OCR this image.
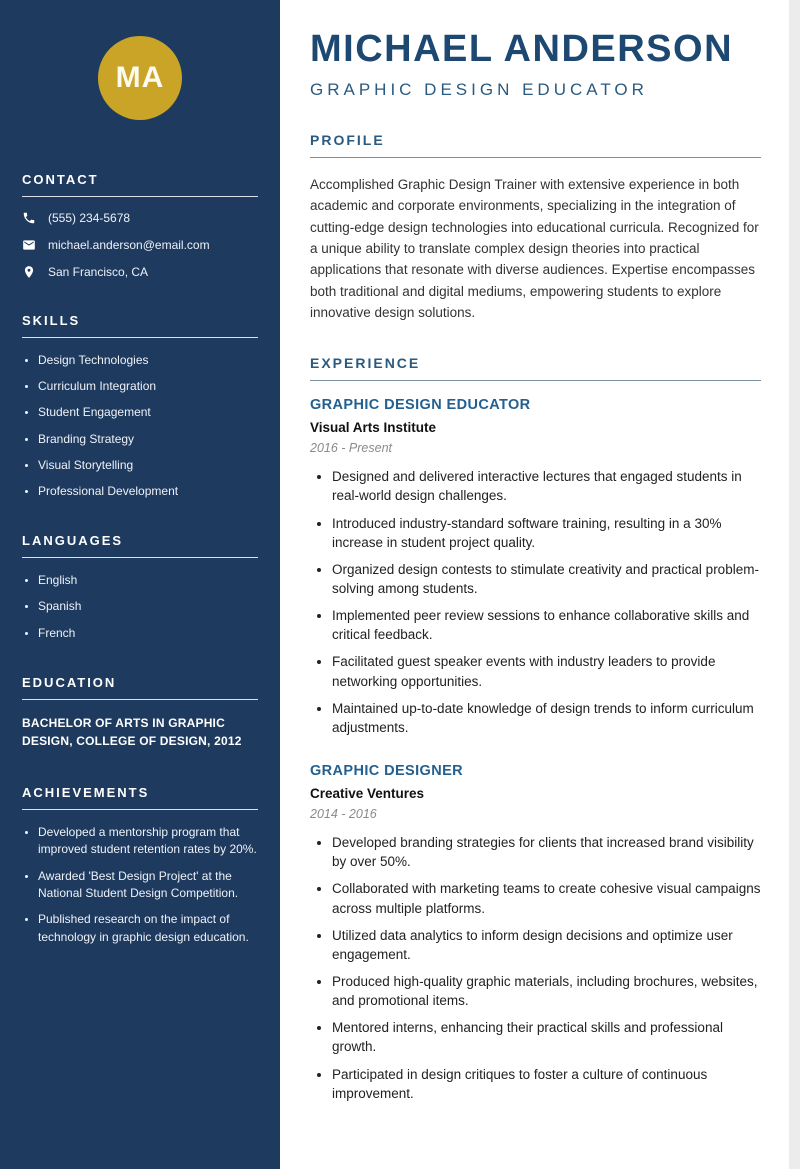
MA
CONTACT
(555) 234-5678
michael.anderson@email.com
San Francisco, CA
SKILLS
• Design Technologies
• Curriculum Integration
• Student Engagement
• Branding Strategy
• Visual Storytelling
• Professional Development
LANGUAGES
• English
• Spanish
• French
EDUCATION

BACHELOR OF ARTS IN GRAPHIC DESIGN, COLLEGE OF DESIGN, 2012

ACHIEVEMENTS
• Developed a mentorship program that improved student retention rates by 20%.
• Awarded 'Best Design Project' at the National Student Design Competition.
• Published research on the impact of technology in graphic design education.
MICHAEL ANDERSON
GRAPHIC DESIGN EDUCATOR
PROFILE

Accomplished Graphic Design Trainer with extensive experience in both academic and corporate environments, specializing in the integration of cutting-edge design technologies into educational curricula. Recognized for a unique ability to translate complex design theories into practical applications that resonate with diverse audiences. Expertise encompasses both traditional and digital mediums, empowering students to explore innovative design solutions.

EXPERIENCE
GRAPHIC DESIGN EDUCATOR
Visual Arts Institute
2016 - Present
• Designed and delivered interactive lectures that engaged students in real-world design challenges.
• Introduced industry-standard software training, resulting in a 30% increase in student project quality.
• Organized design contests to stimulate creativity and practical problem-solving among students.
• Implemented peer review sessions to enhance collaborative skills and critical feedback.
• Facilitated guest speaker events with industry leaders to provide networking opportunities.
• Maintained up-to-date knowledge of design trends to inform curriculum adjustments.
GRAPHIC DESIGNER
Creative Ventures
2014 - 2016
• Developed branding strategies for clients that increased brand visibility by over 50%.
• Collaborated with marketing teams to create cohesive visual campaigns across multiple platforms.
• Utilized data analytics to inform design decisions and optimize user engagement.
• Produced high-quality graphic materials, including brochures, websites, and promotional items.
• Mentored interns, enhancing their practical skills and professional growth.
• Participated in design critiques to foster a culture of continuous improvement.
